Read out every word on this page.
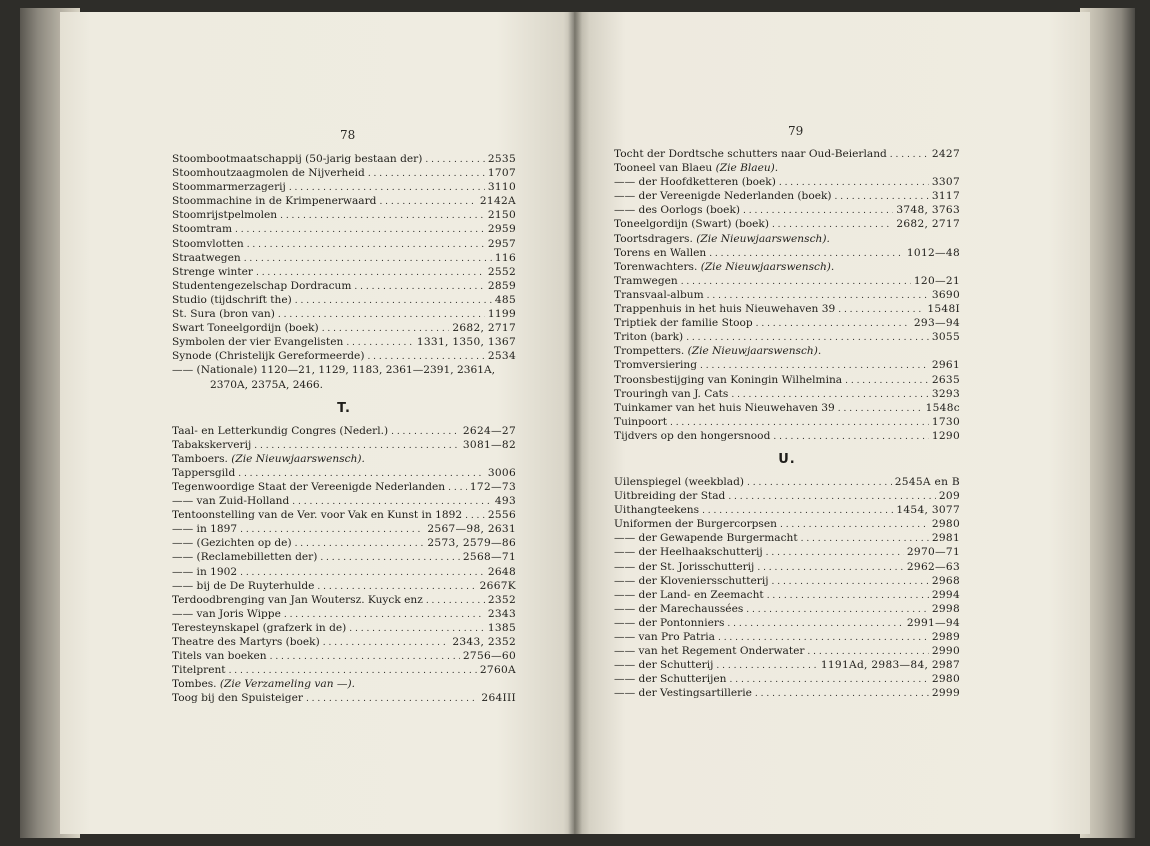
78	79
Stoombootmaatschappij (50-jarig bestaan der) . . .	2535
Stoomhoutzaagmolen de Nijverheid . . .	1707
Stoommarmerzagerij . . .	3110
Stoommachine in de Krimpenerwaard . . .	2142A
Stoomrijstpelmolen . . .	2150
Stoomtram . . .	2959
Stoomvlotten . . .	2957
Straatwegen . . .	116
Strenge winter . . .	2552
Studentengezelschap Dordracum . . .	2859
Studio (tijdschrift the) . . .	485
St. Sura (bron van) . . .	1199
Swart Toneelgordijn (boek) . . .	2682, 2717
Symbolen der vier Evangelisten . . .	1331, 1350, 1367
Synode (Christelijk Gereformeerde) . . .	2534
—— (Nationale) 1120—21, 1129, 1183, 2361—2391, 2361A,
2370A, 2375A, 2466.
T.
Taal- en Letterkundig Congres (Nederl.) . . .	2624—27
Tabakskerverij . . .	3081—82
Tamboers. (Zie Nieuwjaarswensch).
Tappersgild . . .	3006
Tegenwoordige Staat der Vereenigde Nederlanden . . . 172—73
—— van Zuid-Holland . . .	493
Tentoonstelling van de Ver. voor Vak en Kunst in 1892 . . . 2556
—— in 1897 . . .	2567—98, 2631
—— (Gezichten op de) . . .	2573, 2579—86
—— (Reclamebilletten der) . . .	2568—71
—— in 1902 . . .	2648
—— bij de De Ruyterhulde . . .	2667K
Terdoodbrenging van Jan Woutersz. Kuyck enz . . .	2352
—— van Joris Wippe . . .	2343
Teresteynskapel (grafzerk in de) . . .	1385
Theatre des Martyrs (boek) . . .	2343, 2352
Titels van boeken . . .	2756—60
Titelprent . . .	2760A
Tombes. (Zie Verzameling van —).
Toog bij den Spuisteiger . . .	264III
Tocht der Dordtsche schutters naar Oud-Beierland . . .	2427
Tooneel van Blaeu (Zie Blaeu).
—— der Hoofdketteren (boek) . . .	3307
—— der Vereenigde Nederlanden (boek) . . .	3117
—— des Oorlogs (boek) . . .	3748, 3763
Toneelgordijn (Swart) (boek) . . .	2682, 2717
Toortsdragers. (Zie Nieuwjaarswensch).
Torens en Wallen . . .	1012—48
Torenwachters. (Zie Nieuwjaarswensch).
Tramwegen . . .	120—21
Transvaal-album . . .	3690
Trappenhuis in het huis Nieuwehaven 39 . . .	1548I
Triptiek der familie Stoop . . .	293—94
Triton (bark) . . .	3055
Trompetters. (Zie Nieuwjaarswensch).
Tromversiering . . .	2961
Troonsbestijging van Koningin Wilhelmina . . .	2635
Trouringh van J. Cats . . .	3293
Tuinkamer van het huis Nieuwehaven 39 . . .	1548c
Tuinpoort . . .	1730
Tijdvers op den hongersnood . . .	1290
U.
Uilenspiegel (weekblad) . . .	2545A en B
Uitbreiding der Stad . . .	209
Uithangteekens . . .	1454, 3077
Uniformen der Burgercorpsen . . .	2980
—— der Gewapende Burgermacht . . .	2981
—— der Heelhaakschutterij . . .	2970—71
—— der St. Jorisschutterij . . .	2962—63
—— der Kloveniersschutterij . . .	2968
—— der Land- en Zeemacht . . .	2994
—— der Marechaussées . . .	2998
—— der Pontonniers . . .	2991—94
—— van Pro Patria . . .	2989
—— van het Regement Onderwater . . .	2990
—— der Schutterij . . .	1191Ad, 2983—84, 2987
—— der Schutterijen . . .	2980
—— der Vestingsartillerie . . .	2999
